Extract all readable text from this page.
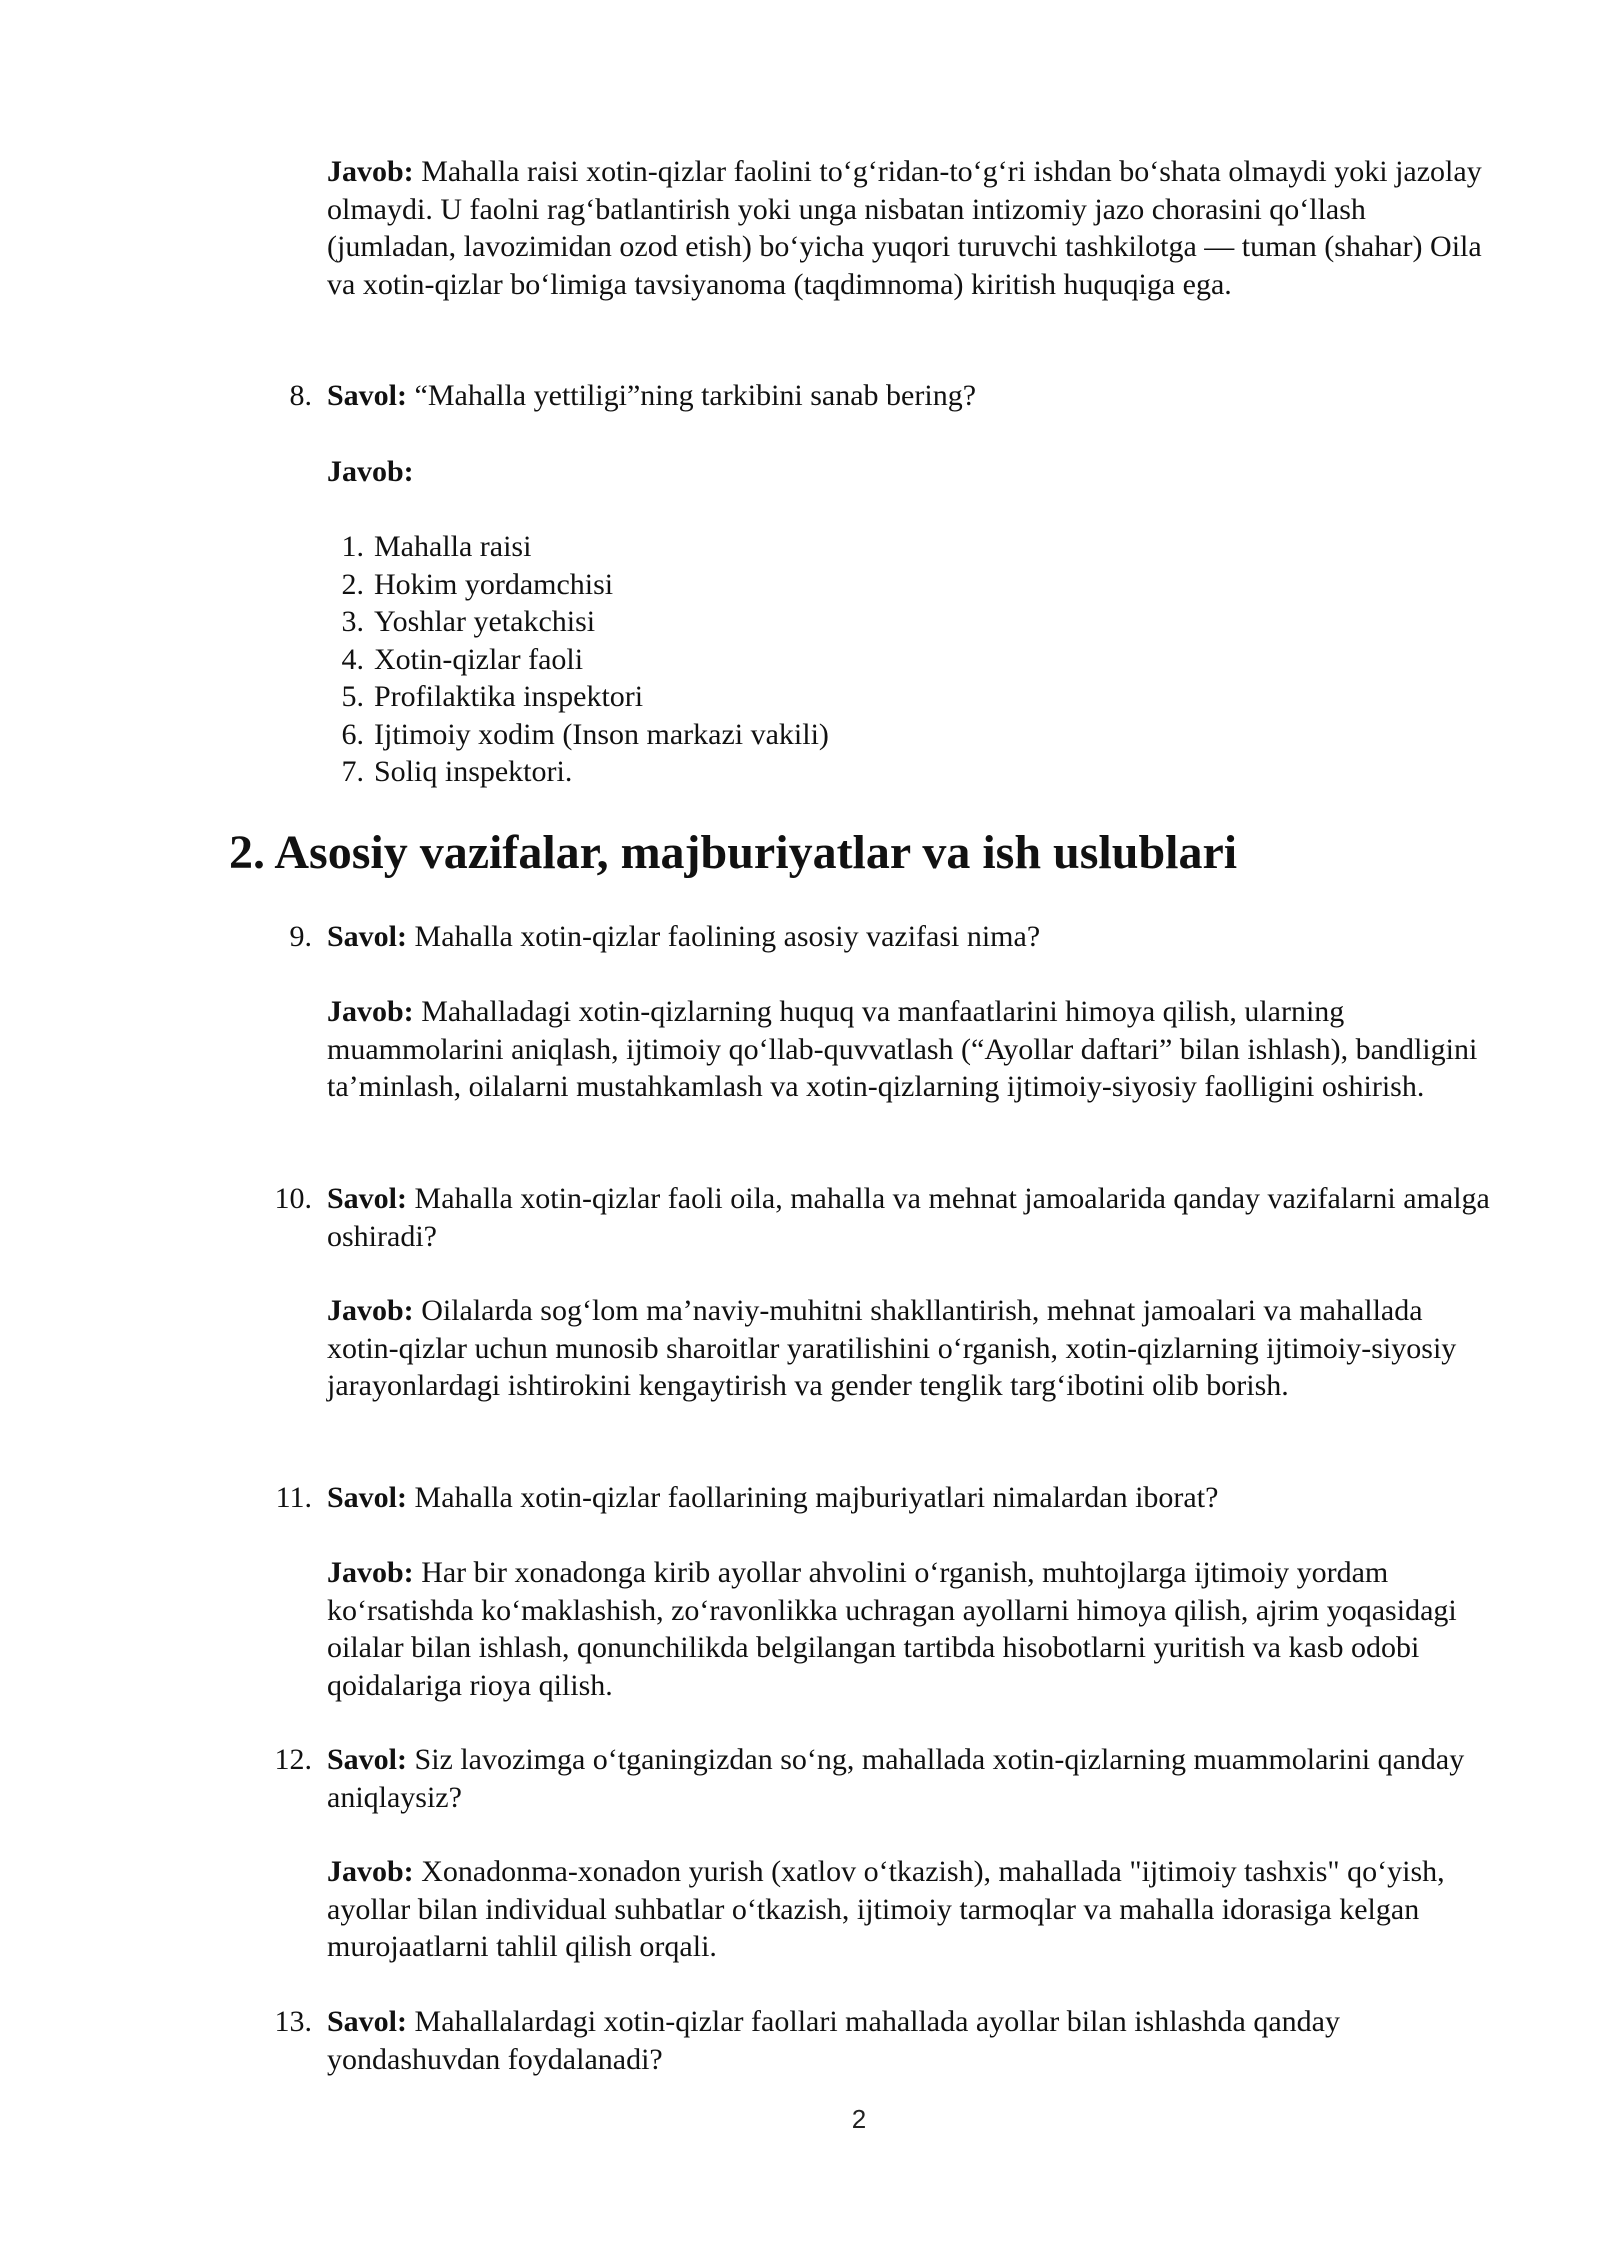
Javob: Mahalla raisi xotin-qizlar faolini to‘g‘ridan-to‘g‘ri ishdan bo‘shata olmaydi yoki jazolay olmaydi. U faolni rag‘batlantirish yoki unga nisbatan intizomiy jazo chorasini qo‘llash (jumladan, lavozimidan ozod etish) bo‘yicha yuqori turuvchi tashkilotga — tuman (shahar) Oila va xotin-qizlar bo‘limiga tavsiyanoma (taqdimnoma) kiritish huquqiga ega.

8. Savol: “Mahalla yettiligi”ning tarkibini sanab bering?

Javob:

1. Mahalla raisi
2. Hokim yordamchisi
3. Yoshlar yetakchisi
4. Xotin-qizlar faoli
5. Profilaktika inspektori
6. Ijtimoiy xodim (Inson markazi vakili)
7. Soliq inspektori.
2. Asosiy vazifalar, majburiyatlar va ish uslublari

9. Savol: Mahalla xotin-qizlar faolining asosiy vazifasi nima?

Javob: Mahalladagi xotin-qizlarning huquq va manfaatlarini himoya qilish, ularning muammolarini aniqlash, ijtimoiy qo‘llab-quvvatlash (“Ayollar daftari” bilan ishlash), bandligini ta’minlash, oilalarni mustahkamlash va xotin-qizlarning ijtimoiy-siyosiy faolligini oshirish.

10. Savol: Mahalla xotin-qizlar faoli oila, mahalla va mehnat jamoalarida qanday vazifalarni amalga oshiradi?

Javob: Oilalarda sog‘lom ma’naviy-muhitni shakllantirish, mehnat jamoalari va mahallada xotin-qizlar uchun munosib sharoitlar yaratilishini o‘rganish, xotin-qizlarning ijtimoiy-siyosiy jarayonlardagi ishtirokini kengaytirish va gender tenglik targ‘ibotini olib borish.

11. Savol: Mahalla xotin-qizlar faollarining majburiyatlari nimalardan iborat?

Javob: Har bir xonadonga kirib ayollar ahvolini o‘rganish, muhtojlarga ijtimoiy yordam ko‘rsatishda ko‘maklashish, zo‘ravonlikka uchragan ayollarni himoya qilish, ajrim yoqasidagi oilalar bilan ishlash, qonunchilikda belgilangan tartibda hisobotlarni yuritish va kasb odobi qoidalariga rioya qilish.

12. Savol: Siz lavozimga o‘tganingizdan so‘ng, mahallada xotin-qizlarning muammolarini qanday aniqlaysiz?

Javob: Xonadonma-xonadon yurish (xatlov o‘tkazish), mahallada "ijtimoiy tashxis" qo‘yish, ayollar bilan individual suhbatlar o‘tkazish, ijtimoiy tarmoqlar va mahalla idorasiga kelgan murojaatlarni tahlil qilish orqali.

13. Savol: Mahallalardagi xotin-qizlar faollari mahallada ayollar bilan ishlashda qanday yondashuvdan foydalanadi?

2
